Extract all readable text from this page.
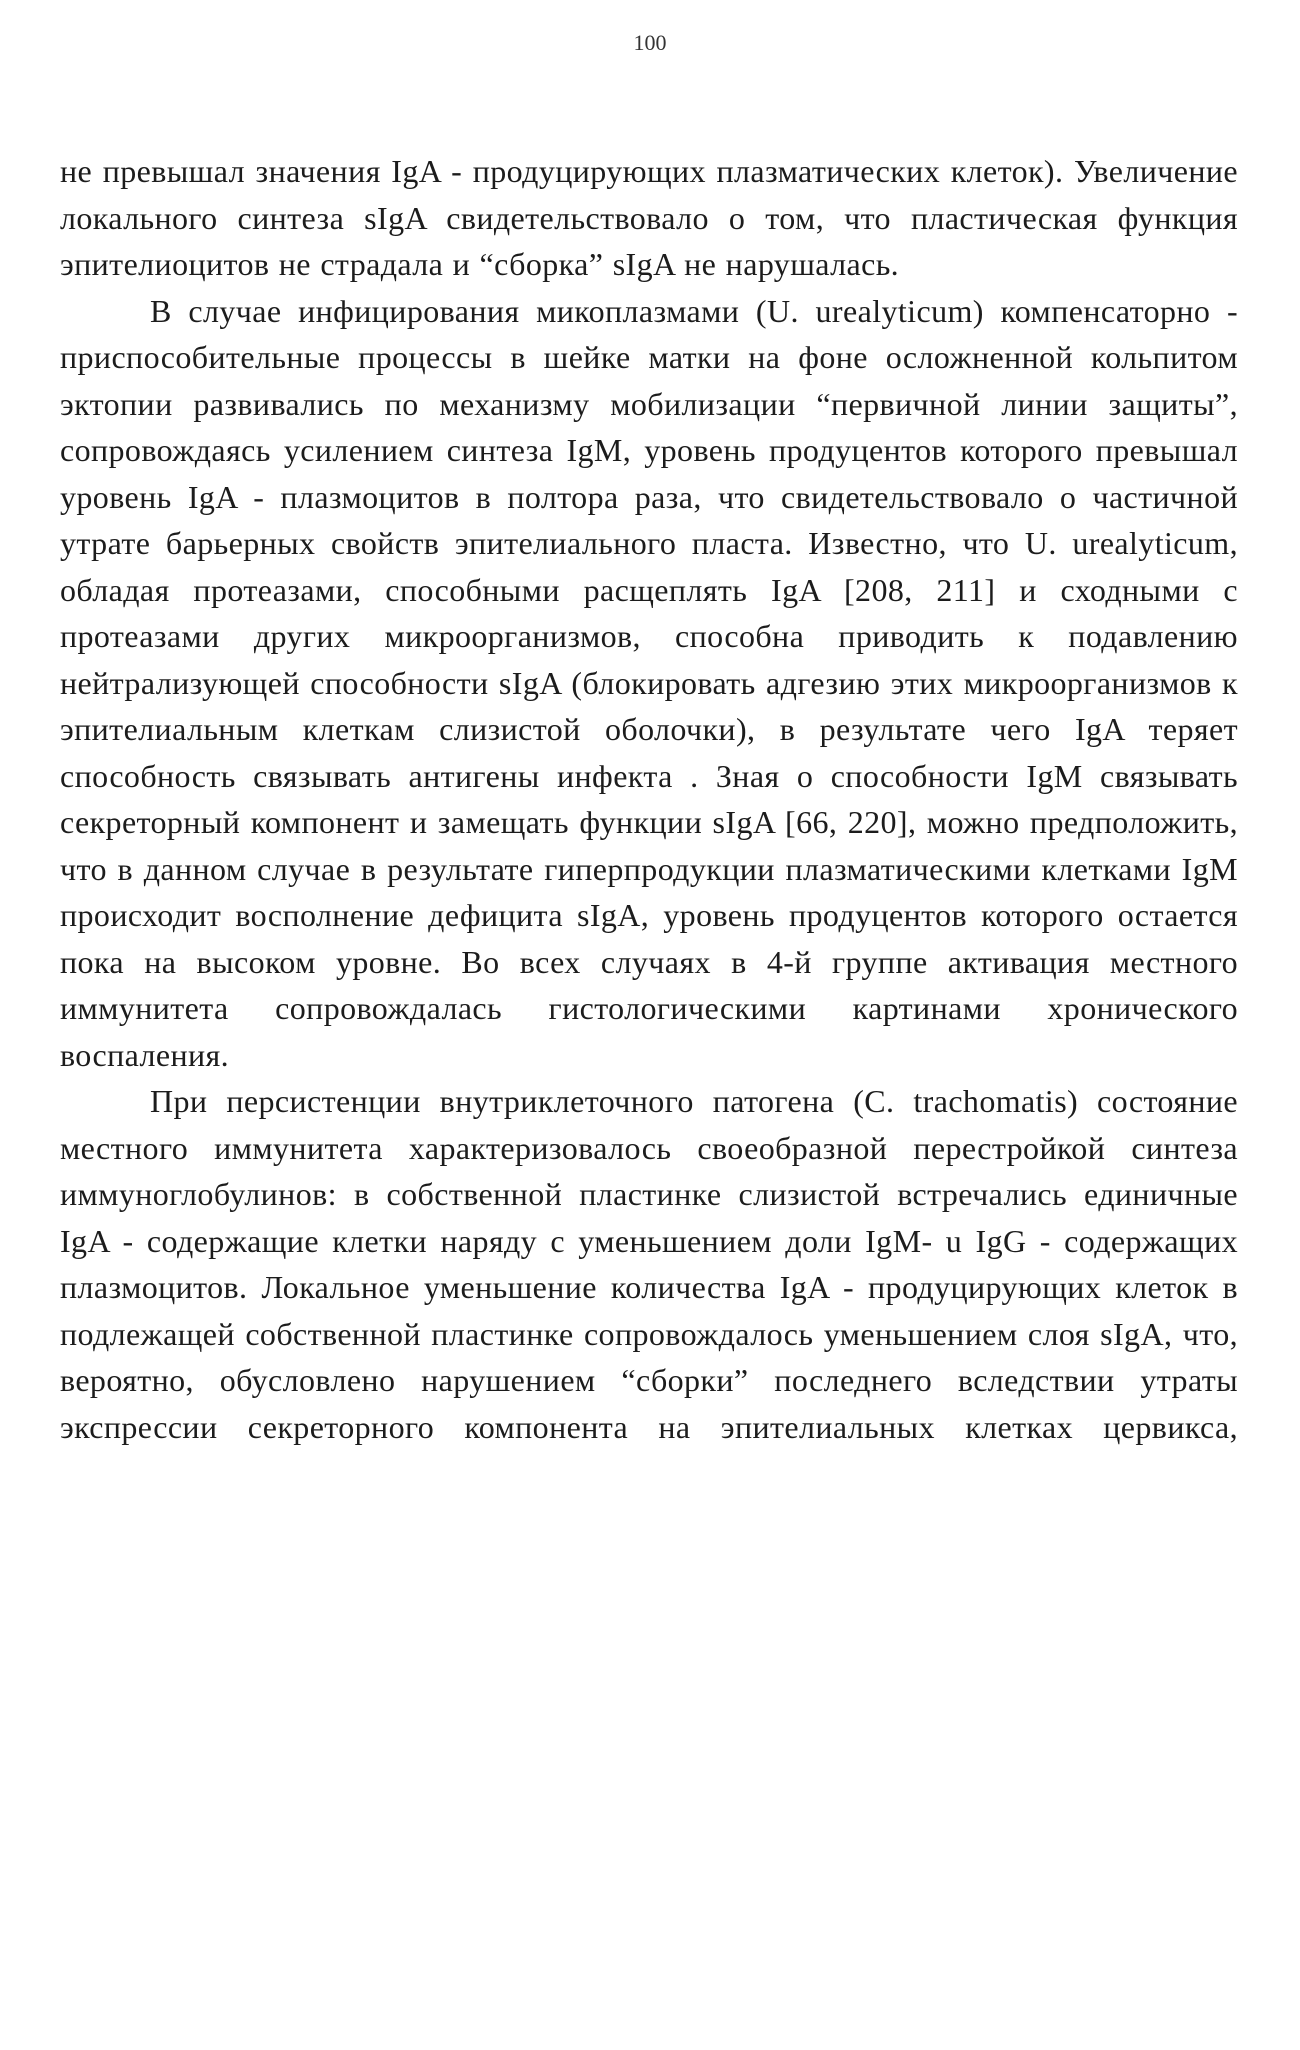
100

не превышал значения IgA - продуцирующих плазматических клеток). Увеличение локального синтеза sIgA свидетельствовало о том, что пластическая функция эпителиоцитов не страдала и “сборка” sIgA не нарушалась.

В случае инфицирования микоплазмами (U. urealyticum) компенсаторно - приспособительные процессы в шейке матки на фоне осложненной кольпитом эктопии развивались по механизму мобилизации “первичной линии защиты”, сопровождаясь усилением синтеза IgM, уровень продуцентов которого превышал уровень IgA - плазмоцитов в полтора раза, что свидетельствовало о частичной утрате барьерных свойств эпителиального пласта. Известно, что U. urealyticum, обладая протеазами, способными расщеплять IgA [208, 211] и сходными с протеазами других микроорганизмов, способна приводить к подавлению нейтрализующей способности sIgA (блокировать адгезию этих микроорганизмов к эпителиальным клеткам слизистой оболочки), в результате чего IgA теряет способность связывать антигены инфекта . Зная о способности IgM связывать секреторный компонент и замещать функции sIgA [66, 220], можно предположить, что в данном случае в результате гиперпродукции плазматическими клетками IgM происходит восполнение дефицита sIgA, уровень продуцентов которого остается пока на высоком уровне. Во всех случаях в 4-й группе активация местного иммунитета сопровождалась гистологическими картинами хронического воспаления.

При персистенции внутриклеточного патогена (C. trachomatis) состояние местного иммунитета характеризовалось своеобразной перестройкой синтеза иммуноглобулинов: в собственной пластинке слизистой встречались единичные IgA - содержащие клетки наряду с уменьшением доли IgM- u IgG - содержащих плазмоцитов. Локальное уменьшение количества IgA - продуцирующих клеток в подлежащей собственной пластинке сопровождалось уменьшением слоя sIgA, что, вероятно, обусловлено нарушением “сборки” последнего вследствии утраты экспрессии секреторного компонента на эпителиальных клетках цервикса,
